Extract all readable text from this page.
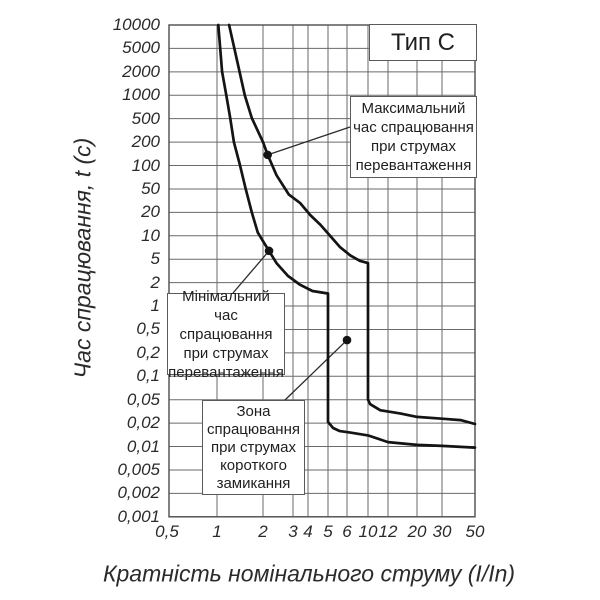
10000
5000
2000
1000
500
200
100
50
20
10
5
2
1
0,5
0,2
0,1
0,05
0,02
0,01
0,005
0,002
0,001
0,5	1	2	3 4 5 6 10 12 20 30 50
Час спрацювання, t (с)
Кратність номінального струму (I/In)
Тип C
Максимальний
час спрацювання
при струмах
перевантаження
Мінімальний
час спрацювання
при струмах
перевантаження
Зона
спрацювання
при струмах
короткого
замикання
